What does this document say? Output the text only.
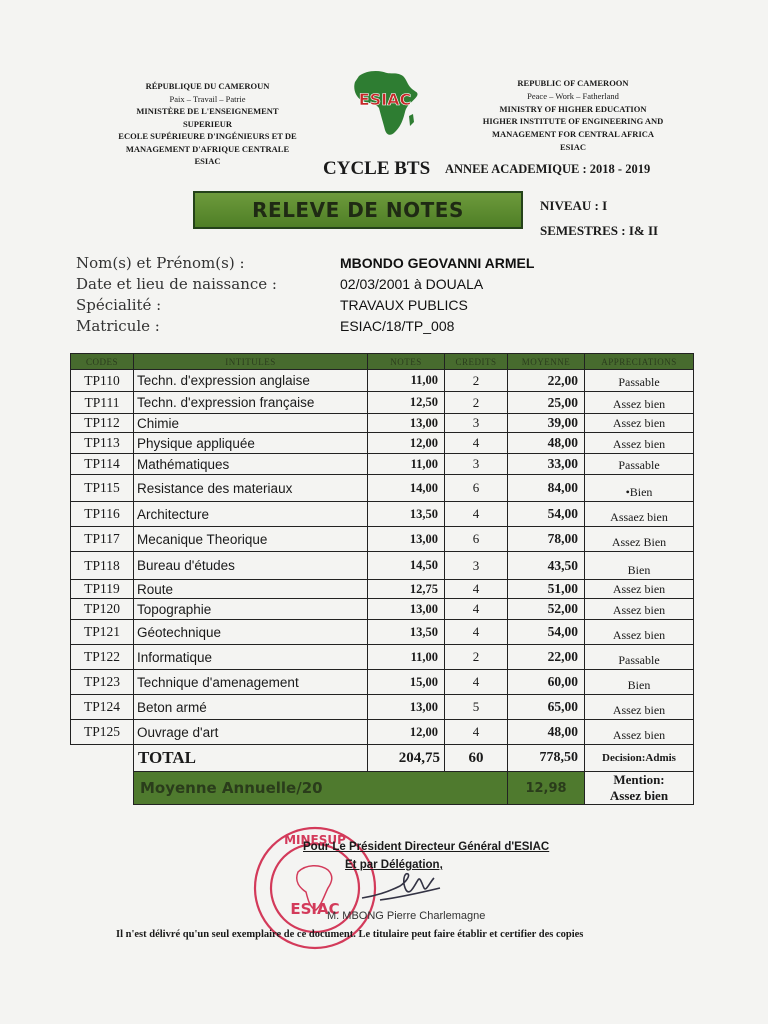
RÉPUBLIQUE DU CAMEROUN
Paix – Travail – Patrie
MINISTÈRE DE L'ENSEIGNEMENT
SUPERIEUR
ECOLE SUPÉRIEURE D'INGÉNIEURS ET DE
MANAGEMENT D'AFRIQUE CENTRALE
ESIAC
ESIAC
REPUBLIC OF CAMEROON
Peace – Work – Fatherland
MINISTRY OF HIGHER EDUCATION
HIGHER INSTITUTE OF ENGINEERING AND
MANAGEMENT FOR CENTRAL AFRICA
ESIAC
CYCLE BTS ANNEE ACADEMIQUE : 2018 - 2019
RELEVE DE NOTES	NIVEAU : I
SEMESTRES : I& II
Nom(s) et Prénom(s) :	MBONDO GEOVANNI ARMEL
Date et lieu de naissance :	02/03/2001 à DOUALA
Spécialité :	TRAVAUX PUBLICS
Matricule :	ESIAC/18/TP_008
CODES	INTITULES	NOTES	CREDITS	MOYENNE	APPRECIATIONS
TP110	Techn. d'expression anglaise	11,00	2	22,00	Passable
TP111	Techn. d'expression française	12,50	2	25,00	Assez bien
TP112	Chimie	13,00	3	39,00	Assez bien
TP113	Physique appliquée	12,00	4	48,00	Assez bien
TP114	Mathématiques	11,00	3	33,00	Passable
TP115	Resistance des materiaux	14,00	6	84,00	•Bien
TP116	Architecture	13,50	4	54,00	Assaez bien
TP117	Mecanique Theorique	13,00	6	78,00	Assez Bien
TP118	Bureau d'études	14,50	3	43,50	Bien
TP119	Route	12,75	4	51,00	Assez bien
TP120	Topographie	13,00	4	52,00	Assez bien
TP121	Géotechnique	13,50	4	54,00	Assez bien
TP122	Informatique	11,00	2	22,00	Passable
TP123	Technique d'amenagement	15,00	4	60,00	Bien
TP124	Beton armé	13,00	5	65,00	Assez bien
TP125	Ouvrage d'art	12,00	4	48,00	Assez bien
	TOTAL	204,75	60	778,50	Decision:Admis
	Moyenne Annuelle/20			12,98	Mention:
Assez bien
MINESUP
ESIAC
Pour Le Président Directeur Général d'ESIAC
Et par Délégation,
M. MBONG Pierre Charlemagne
Il n'est délivré qu'un seul exemplaire de ce document. Le titulaire peut faire établir et certifier des copies
